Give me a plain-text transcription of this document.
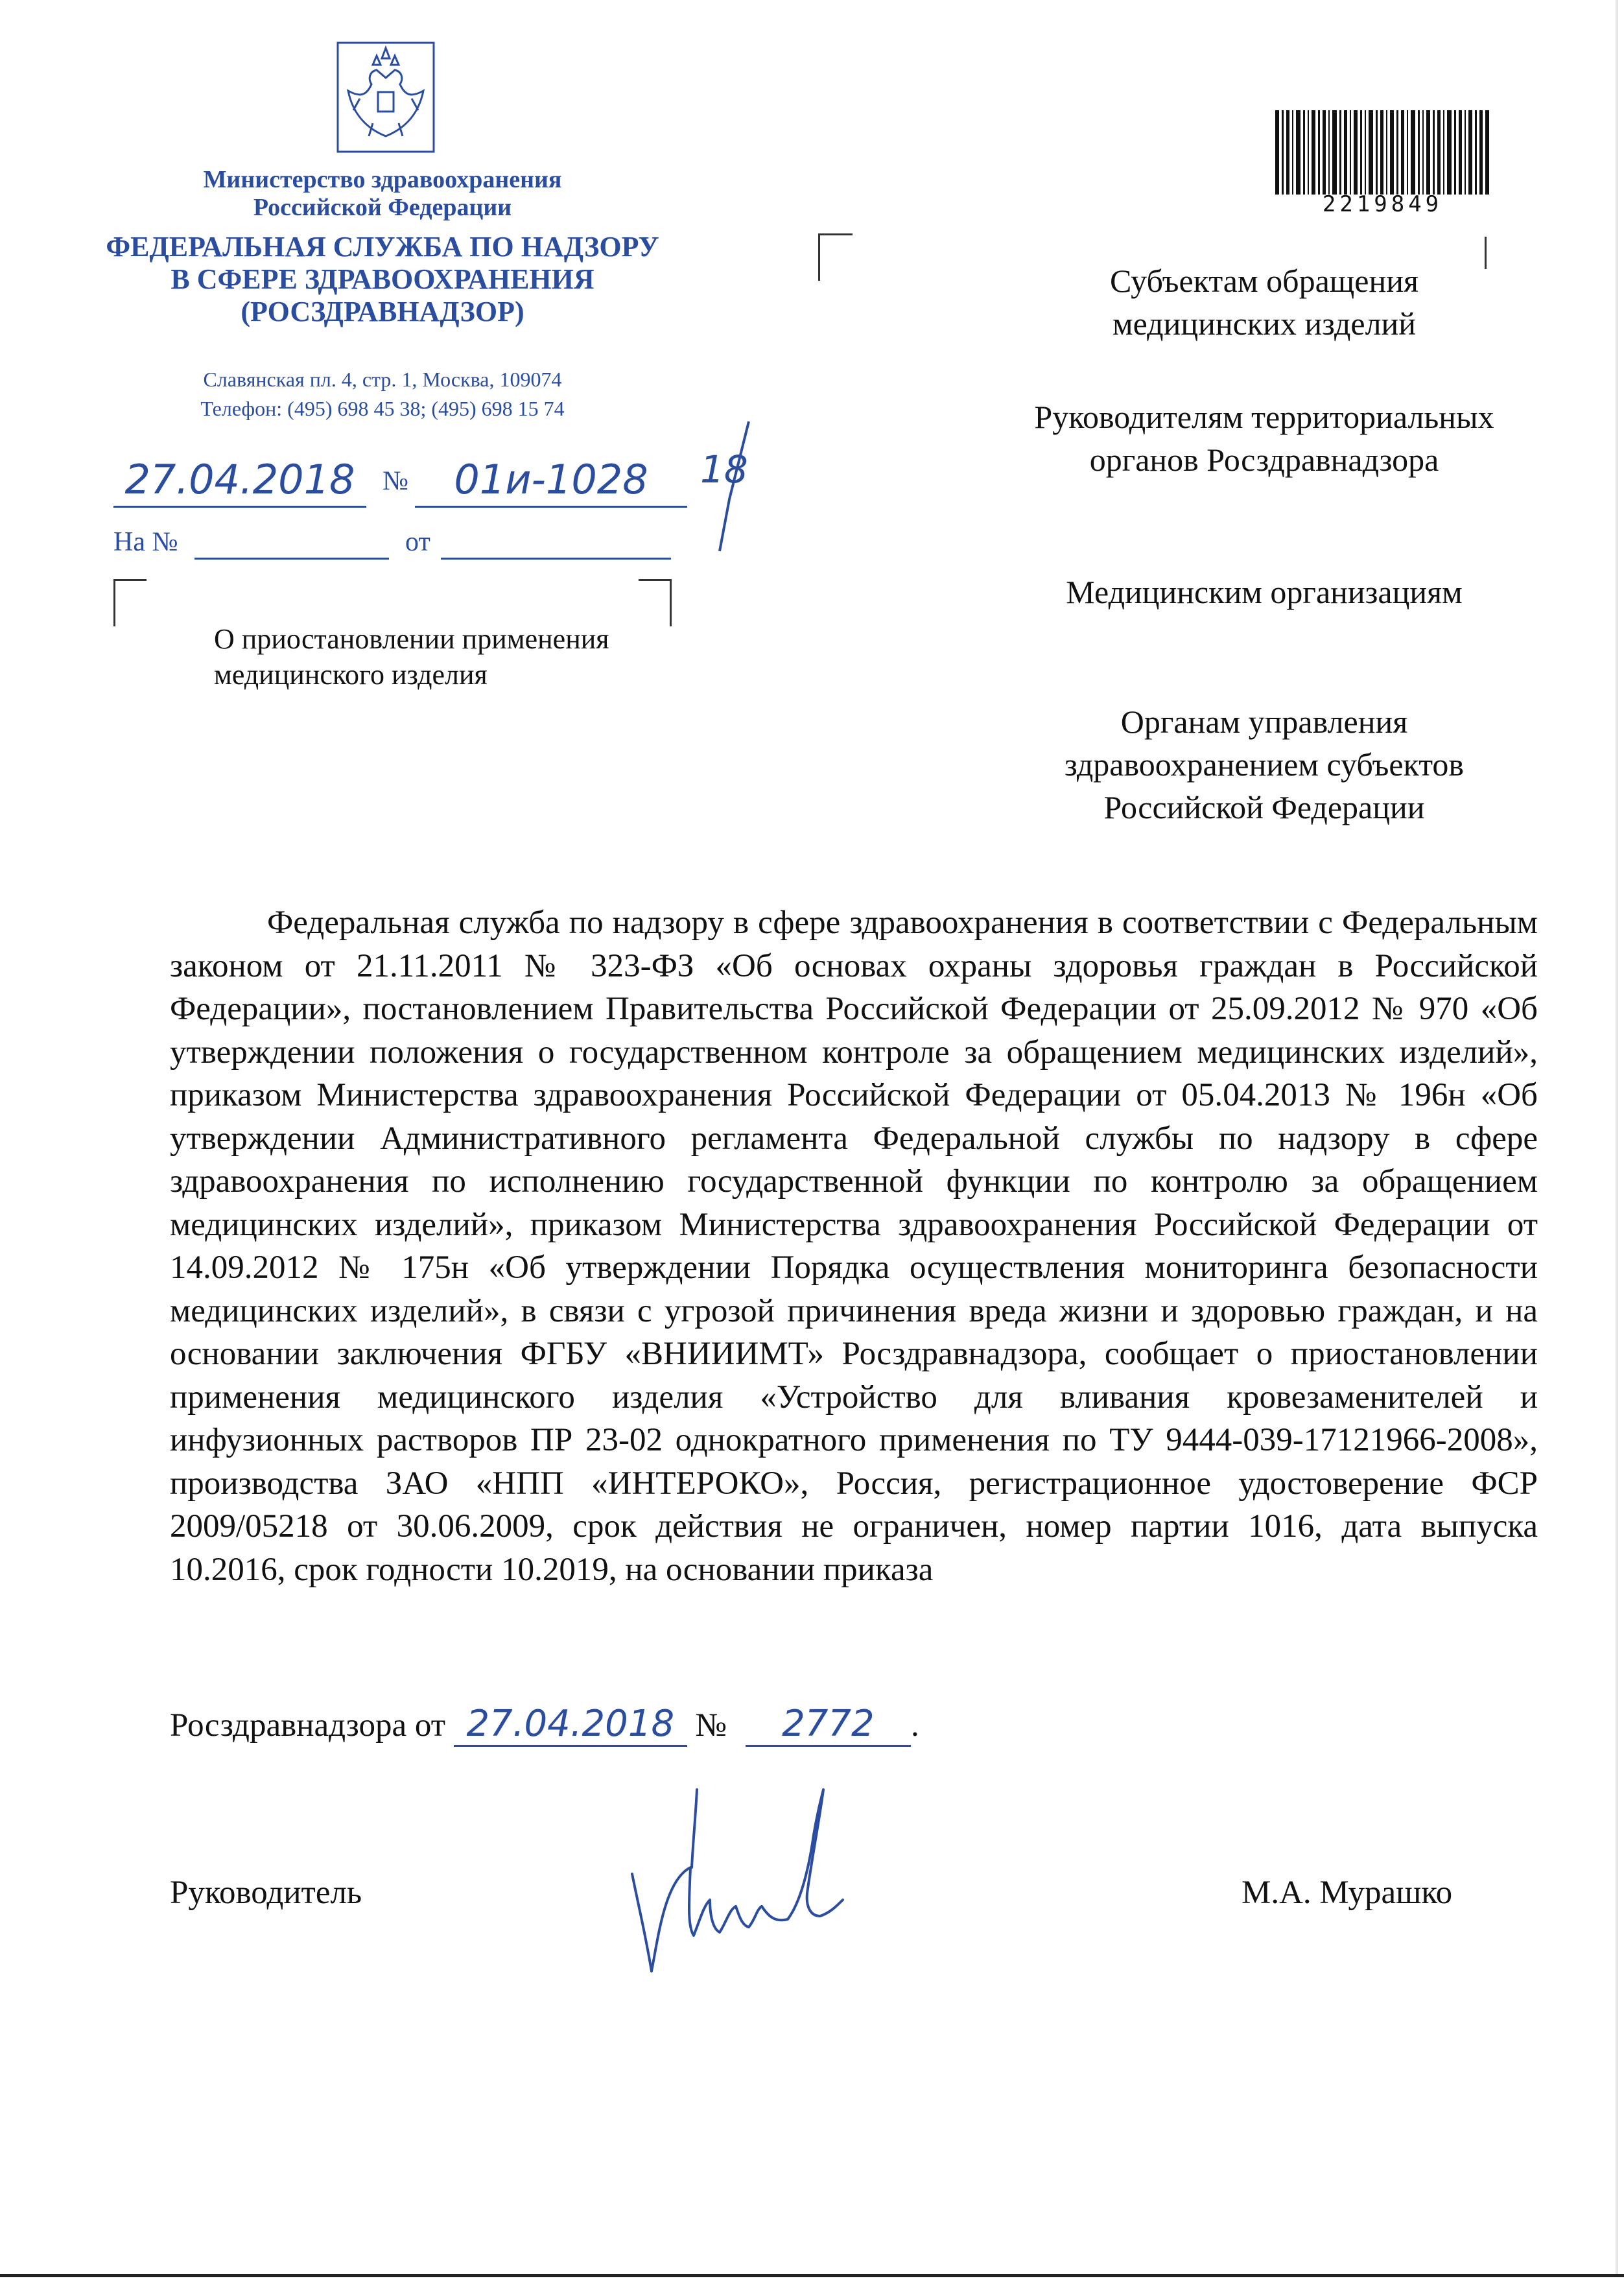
Министерство здравоохранения
Российской Федерации
ФЕДЕРАЛЬНАЯ СЛУЖБА ПО НАДЗОРУ
В СФЕРЕ ЗДРАВООХРАНЕНИЯ
(РОСЗДРАВНАДЗОР)
Славянская пл. 4, стр. 1, Москва, 109074
Телефон: (495) 698 45 38; (495) 698 15 74
27.04.2018	№	01и-1028	18
На №	от
О приостановлении применения
медицинского изделия
2219849
Субъектам обращения медицинских изделий
Руководителям территориальных органов Росздравнадзора
Медицинским организациям
Органам управления здравоохранением субъектов Российской Федерации
Федеральная служба по надзору в сфере здравоохранения в соответствии с Федеральным законом от 21.11.2011 № 323-ФЗ «Об основах охраны здоровья граждан в Российской Федерации», постановлением Правительства Российской Федерации от 25.09.2012 № 970 «Об утверждении положения о государственном контроле за обращением медицинских изделий», приказом Министерства здравоохранения Российской Федерации от 05.04.2013 № 196н «Об утверждении Административного регламента Федеральной службы по надзору в сфере здравоохранения по исполнению государственной функции по контролю за обращением медицинских изделий», приказом Министерства здравоохранения Российской Федерации от 14.09.2012 № 175н «Об утверждении Порядка осуществления мониторинга безопасности медицинских изделий», в связи с угрозой причинения вреда жизни и здоровью граждан, и на основании заключения ФГБУ «ВНИИИМТ» Росздравнадзора, сообщает о приостановлении применения медицинского изделия «Устройство для вливания кровезаменителей и инфузионных растворов ПР 23-02 однократного применения по ТУ 9444-039-17121966-2008», производства ЗАО «НПП «ИНТЕРОКО», Россия, регистрационное удостоверение ФСР 2009/05218 от 30.06.2009, срок действия не ограничен, номер партии 1016, дата выпуска 10.2016, срок годности 10.2019, на основании приказа
Росздравнадзора от 27.04.2018 № 2772 .
Руководитель	М.А. Мурашко
